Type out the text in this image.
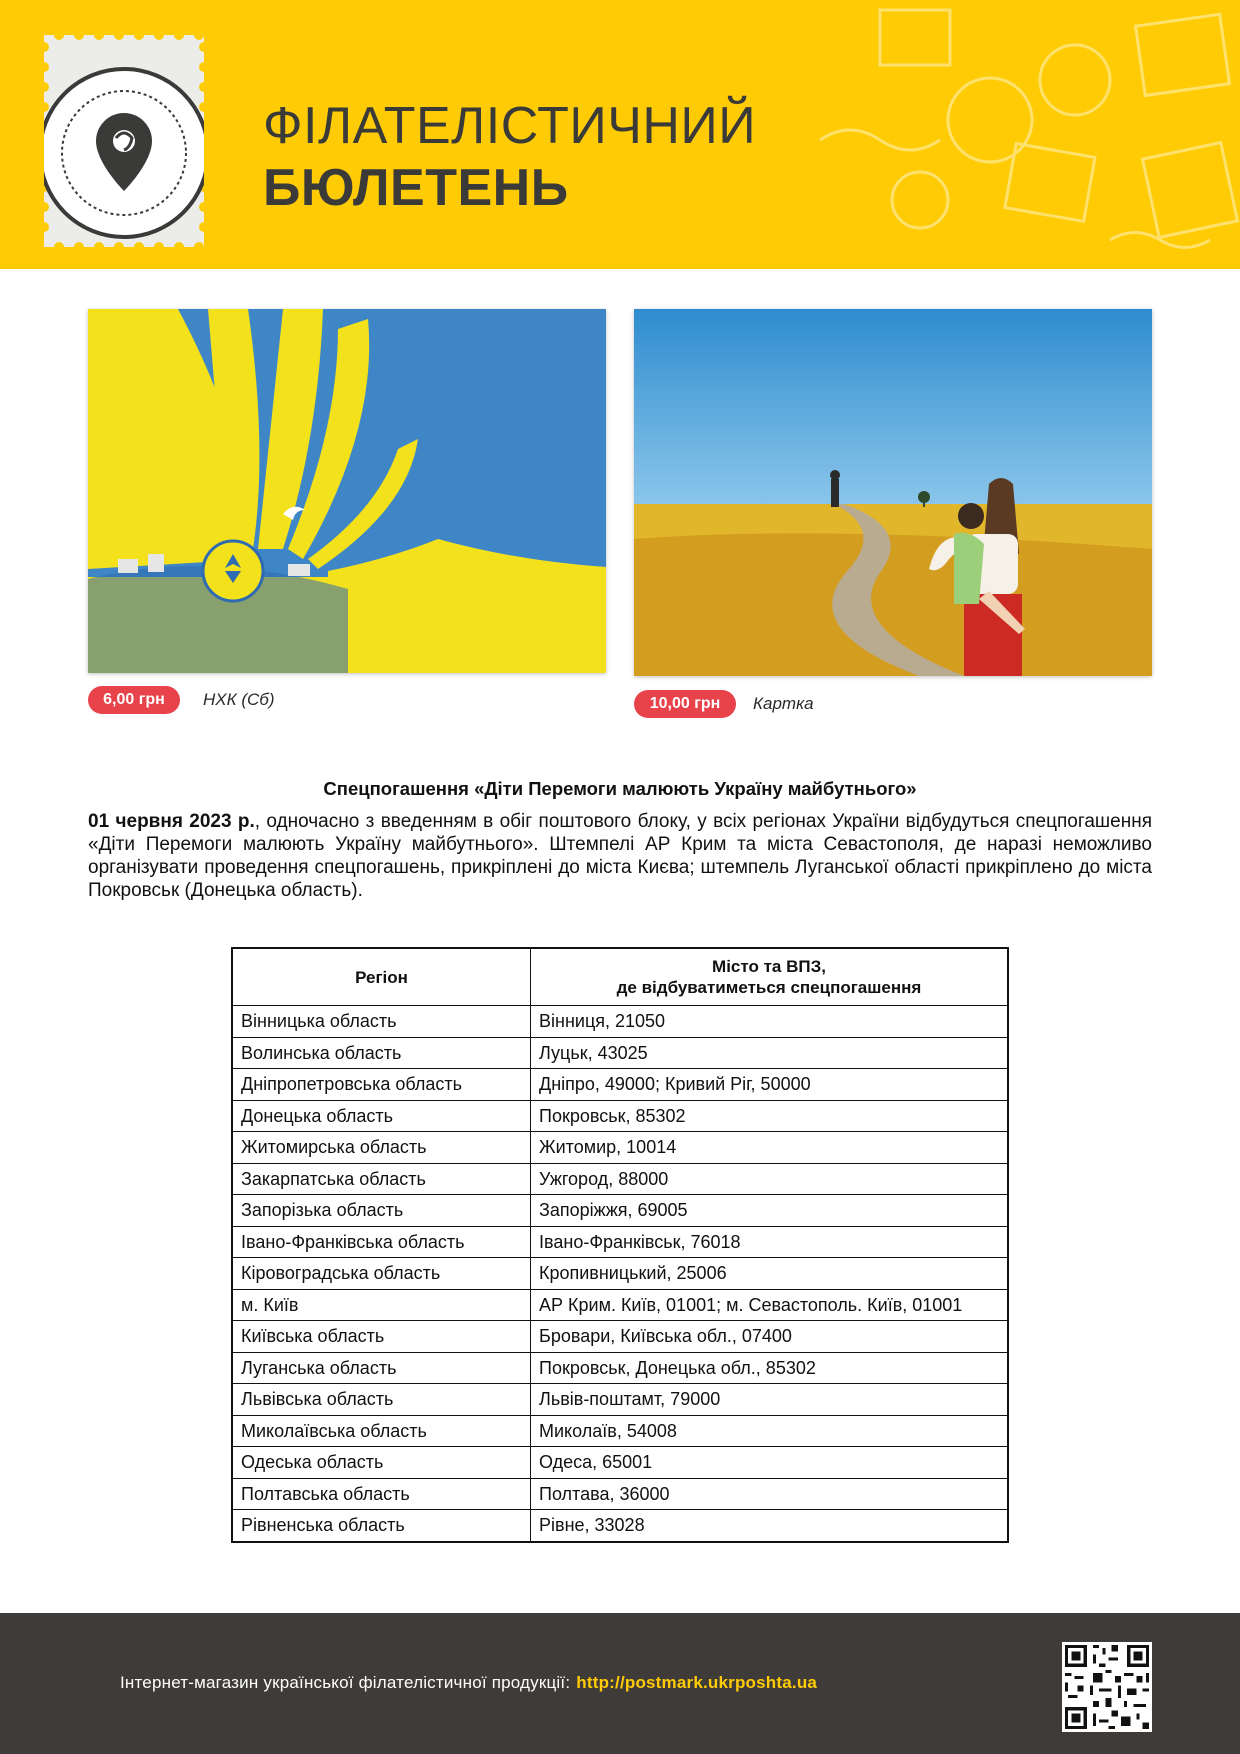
ФІЛАТЕЛІСТИЧНИЙ
БЮЛЕТЕНЬ
6,00 грн	НХК (Сб)	10,00 грн	Картка
Спецпогашення «Діти Перемоги малюють Україну майбутнього»
01 червня 2023 р., одночасно з введенням в обіг поштового блоку, у всіх регіонах України відбудуться спецпогашення «Діти Перемоги малюють Україну майбутнього». Штемпелі АР Крим та міста Севастополя, де наразі неможливо організувати проведення спецпогашень, прикріплені до міста Києва; штемпель Луганської області прикріплено до міста Покровськ (Донецька область).
Регіон	Місто та ВПЗ,
де відбуватиметься спецпогашення
Вінницька область	Вінниця, 21050
Волинська область	Луцьк, 43025
Дніпропетровська область	Дніпро, 49000; Кривий Ріг, 50000
Донецька область	Покровськ, 85302
Житомирська область	Житомир, 10014
Закарпатська область	Ужгород, 88000
Запорізька область	Запоріжжя, 69005
Івано-Франківська область	Івано-Франківськ, 76018
Кіровоградська область	Кропивницький, 25006
м. Київ	АР Крим. Київ, 01001; м. Севастополь. Київ, 01001
Київська область	Бровари, Київська обл., 07400
Луганська область	Покровськ, Донецька обл., 85302
Львівська область	Львів-поштамт, 79000
Миколаївська область	Миколаїв, 54008
Одеська область	Одеса, 65001
Полтавська область	Полтава, 36000
Рівненська область	Рівне, 33028
Інтернет-магазин української філателістичної продукції: http://postmark.ukrposhta.ua
